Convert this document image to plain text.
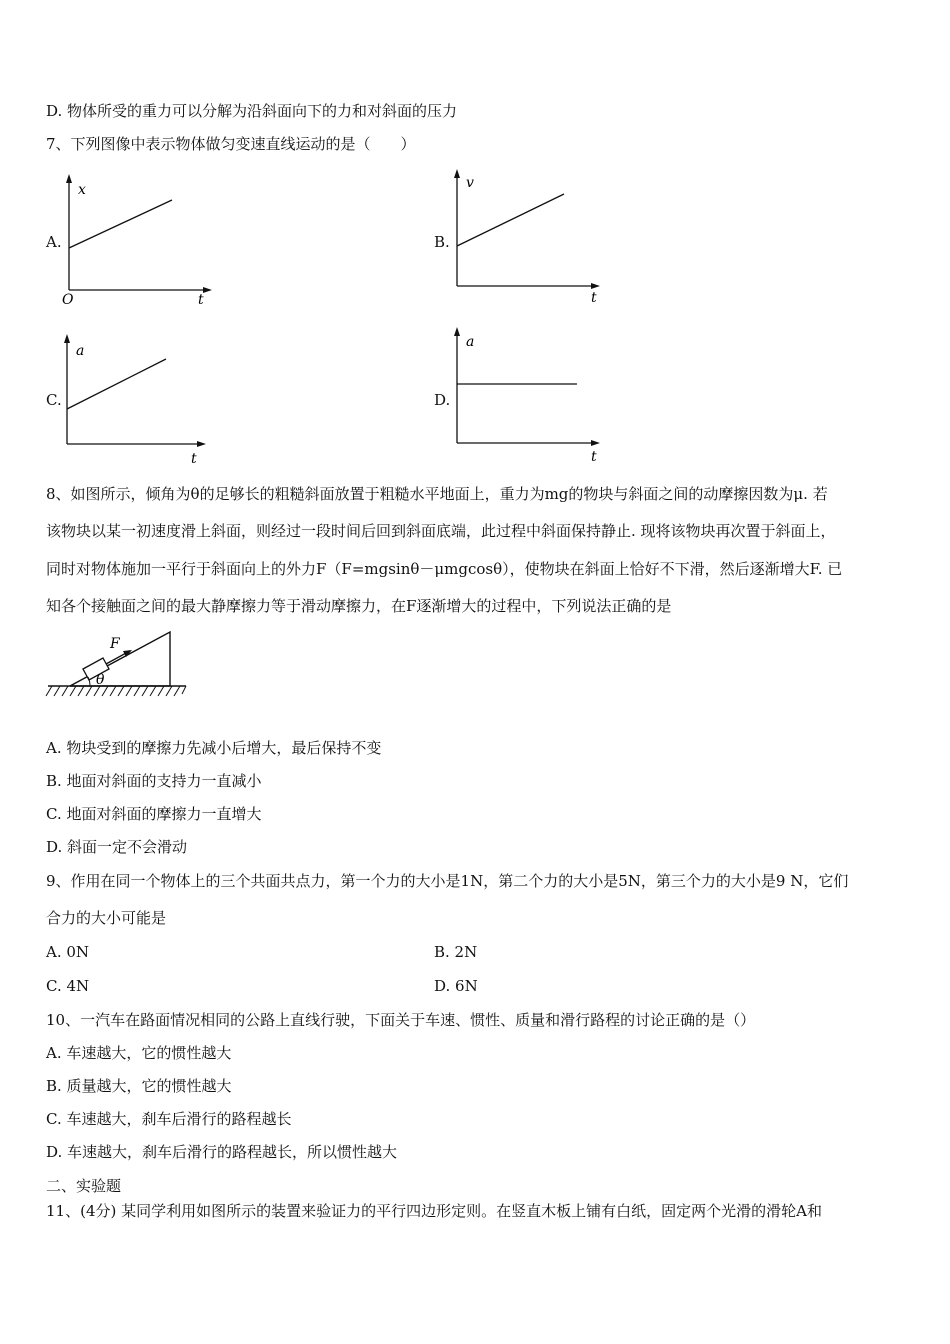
D. 物体所受的重力可以分解为沿斜面向下的力和对斜面的压力
7、下列图像中表示物体做匀变速直线运动的是（　　）
A.
x
t
O
B.
v
t
C.
a
t
D.
a
t
8、如图所示，倾角为θ的足够长的粗糙斜面放置于粗糙水平地面上，重力为mg的物块与斜面之间的动摩擦因数为μ. 若
该物块以某一初速度滑上斜面，则经过一段时间后回到斜面底端，此过程中斜面保持静止. 现将该物块再次置于斜面上，
同时对物体施加一平行于斜面向上的外力F（F=mgsinθ－μmgcosθ），使物块在斜面上恰好不下滑，然后逐渐增大F. 已
知各个接触面之间的最大静摩擦力等于滑动摩擦力，在F逐渐增大的过程中，下列说法正确的是
F
θ
A. 物块受到的摩擦力先减小后增大，最后保持不变
B. 地面对斜面的支持力一直减小
C. 地面对斜面的摩擦力一直增大
D. 斜面一定不会滑动
9、作用在同一个物体上的三个共面共点力，第一个力的大小是1N，第二个力的大小是5N，第三个力的大小是9 N，它们
合力的大小可能是
A. 0N	B. 2N
C. 4N	D. 6N
10、一汽车在路面情况相同的公路上直线行驶，下面关于车速、惯性、质量和滑行路程的讨论正确的是（）
A. 车速越大，它的惯性越大
B. 质量越大，它的惯性越大
C. 车速越大，刹车后滑行的路程越长
D. 车速越大，刹车后滑行的路程越长，所以惯性越大
二、实验题
11、(4分) 某同学利用如图所示的装置来验证力的平行四边形定则。在竖直木板上铺有白纸，固定两个光滑的滑轮A和
